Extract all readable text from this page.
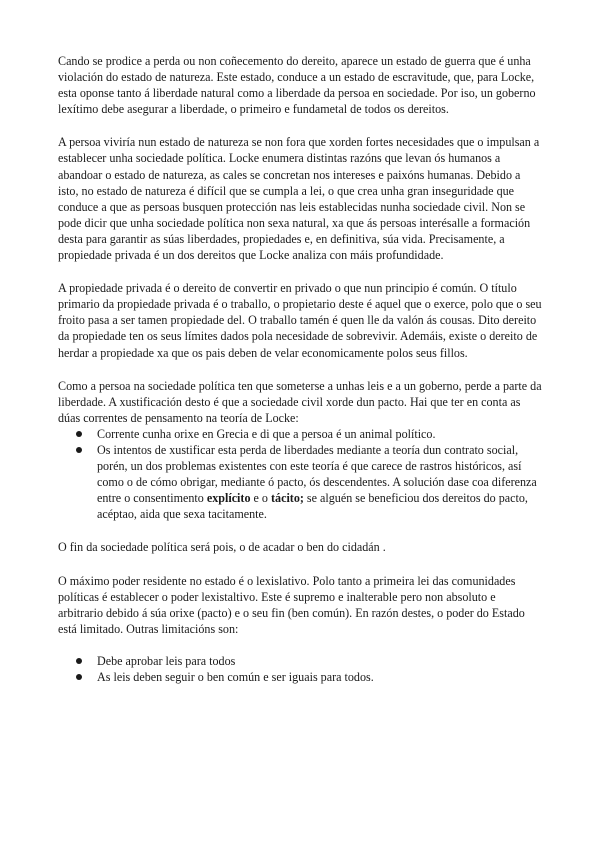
Cando se prodice a perda ou non coñecemento do dereito, aparece un estado de guerra que é unha violación do estado de natureza. Este estado, conduce a un estado de escravitude, que, para Locke, esta oponse tanto á liberdade natural como a liberdade da persoa en sociedade. Por iso, un goberno lexítimo debe asegurar a liberdade, o primeiro e fundametal de todos os dereitos.

A persoa viviría nun estado de natureza se non fora que xorden fortes necesidades que o impulsan a establecer unha sociedade política. Locke enumera distintas razóns que levan ós humanos a abandoar o estado de natureza, as cales se concretan nos intereses e paixóns humanas. Debido a isto, no estado de natureza é difícil que se cumpla a lei, o que crea unha gran inseguridade que conduce a que as persoas busquen protección nas leis establecidas nunha sociedade civil. Non se pode dicir que unha sociedade política non sexa natural, xa que ás persoas interésalle a formación desta para garantir as súas liberdades, propiedades e, en definitiva, súa vida. Precisamente, a propiedade privada é un dos dereitos que Locke analiza con máis profundidade.

A propiedade privada é o dereito de convertir en privado o que nun principio é común. O título primario da propiedade privada é o traballo, o propietario deste é aquel que o exerce, polo que o seu froito pasa a ser tamen propiedade del. O traballo tamén é quen lle da valón ás cousas. Dito dereito da propiedade ten os seus límites dados pola necesidade de sobrevivir. Ademáis, existe o dereito de herdar a propiedade xa que os pais deben de velar economicamente polos seus fillos.

Como a persoa na sociedade política ten que someterse a unhas leis e a un goberno, perde a parte da liberdade. A xustificación desto é que a sociedade civil xorde dun pacto. Hai que ter en conta as dúas correntes de pensamento na teoría de Locke:

Corrente cunha orixe en Grecia e di que a persoa é un animal político.
Os intentos de xustificar esta perda de liberdades mediante a teoría dun contrato social, porén, un dos problemas existentes con este teoría é que carece de rastros históricos, así como o de cómo obrigar, mediante ó pacto, ós descendentes. A solución dase coa diferenza entre o consentimento explícito e o tácito; se alguén se beneficiou dos dereitos do pacto, acéptao, aida que sexa tacitamente.

O fin da sociedade política será pois, o de acadar o ben do cidadán .

O máximo poder residente no estado é o lexislativo. Polo tanto a primeira lei das comunidades políticas é establecer o poder lexistaltivo. Este é supremo e inalterable pero non absoluto e arbitrario debido á súa orixe (pacto) e o seu fin (ben común). En razón destes, o poder do Estado está limitado. Outras limitacións son:

Debe aprobar leis para todos
As leis deben seguir o ben común e ser iguais para todos.
